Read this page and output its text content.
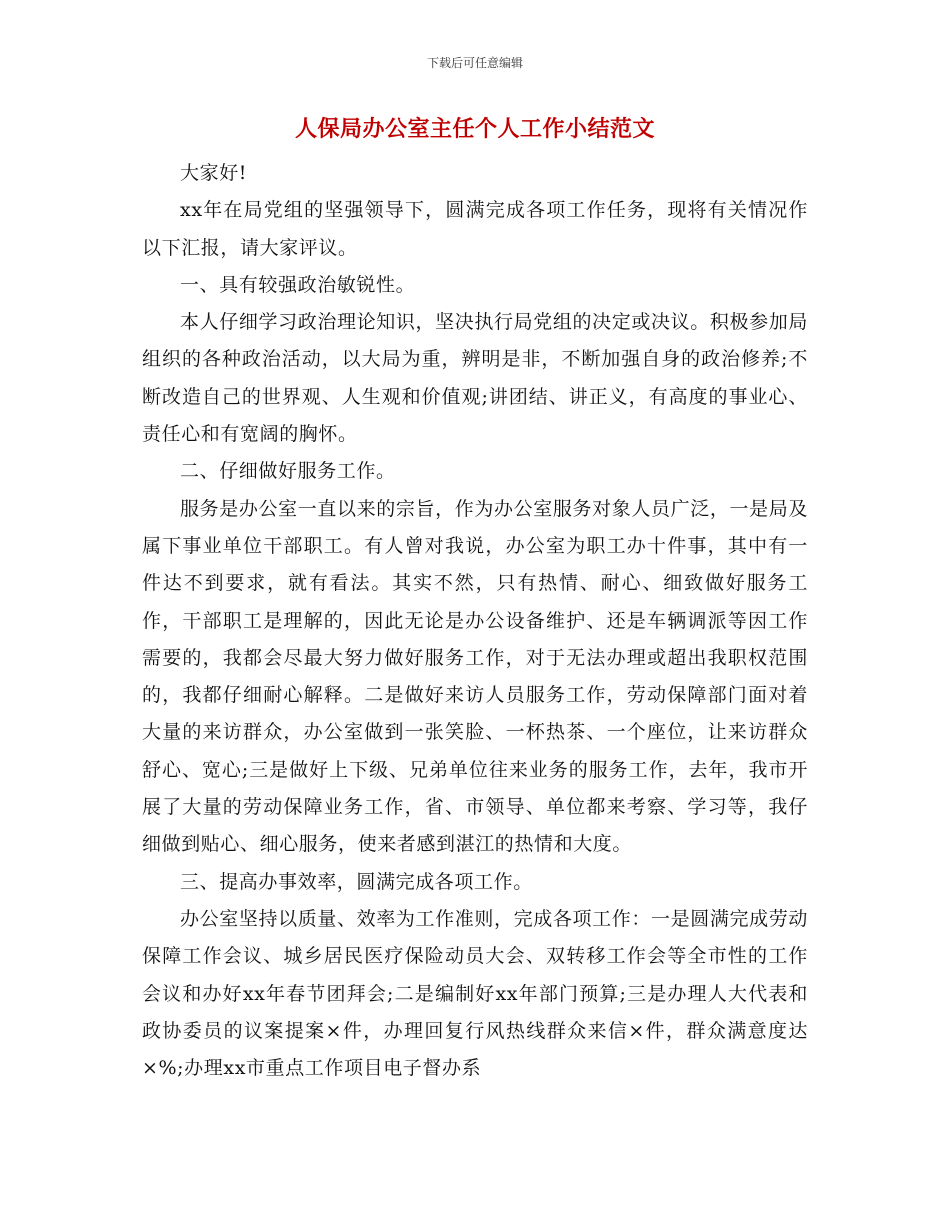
下载后可任意编辑
人保局办公室主任个人工作小结范文

大家好!

xx年在局党组的坚强领导下，圆满完成各项工作任务，现将有关情况作以下汇报，请大家评议。

一、具有较强政治敏锐性。

本人仔细学习政治理论知识，坚决执行局党组的决定或决议。积极参加局组织的各种政治活动，以大局为重，辨明是非，不断加强自身的政治修养;不断改造自己的世界观、人生观和价值观;讲团结、讲正义，有高度的事业心、责任心和有宽阔的胸怀。

二、仔细做好服务工作。

服务是办公室一直以来的宗旨，作为办公室服务对象人员广泛，一是局及属下事业单位干部职工。有人曾对我说，办公室为职工办十件事，其中有一件达不到要求，就有看法。其实不然，只有热情、耐心、细致做好服务工作，干部职工是理解的，因此无论是办公设备维护、还是车辆调派等因工作需要的，我都会尽最大努力做好服务工作，对于无法办理或超出我职权范围的，我都仔细耐心解释。二是做好来访人员服务工作，劳动保障部门面对着大量的来访群众，办公室做到一张笑脸、一杯热茶、一个座位，让来访群众舒心、宽心;三是做好上下级、兄弟单位往来业务的服务工作，去年，我市开展了大量的劳动保障业务工作，省、市领导、单位都来考察、学习等，我仔细做到贴心、细心服务，使来者感到湛江的热情和大度。

三、提高办事效率，圆满完成各项工作。

办公室坚持以质量、效率为工作准则，完成各项工作：一是圆满完成劳动保障工作会议、城乡居民医疗保险动员大会、双转移工作会等全市性的工作会议和办好xx年春节团拜会;二是编制好xx年部门预算;三是办理人大代表和政协委员的议案提案×件，办理回复行风热线群众来信×件，群众满意度达×%;办理xx市重点工作项目电子督办系
